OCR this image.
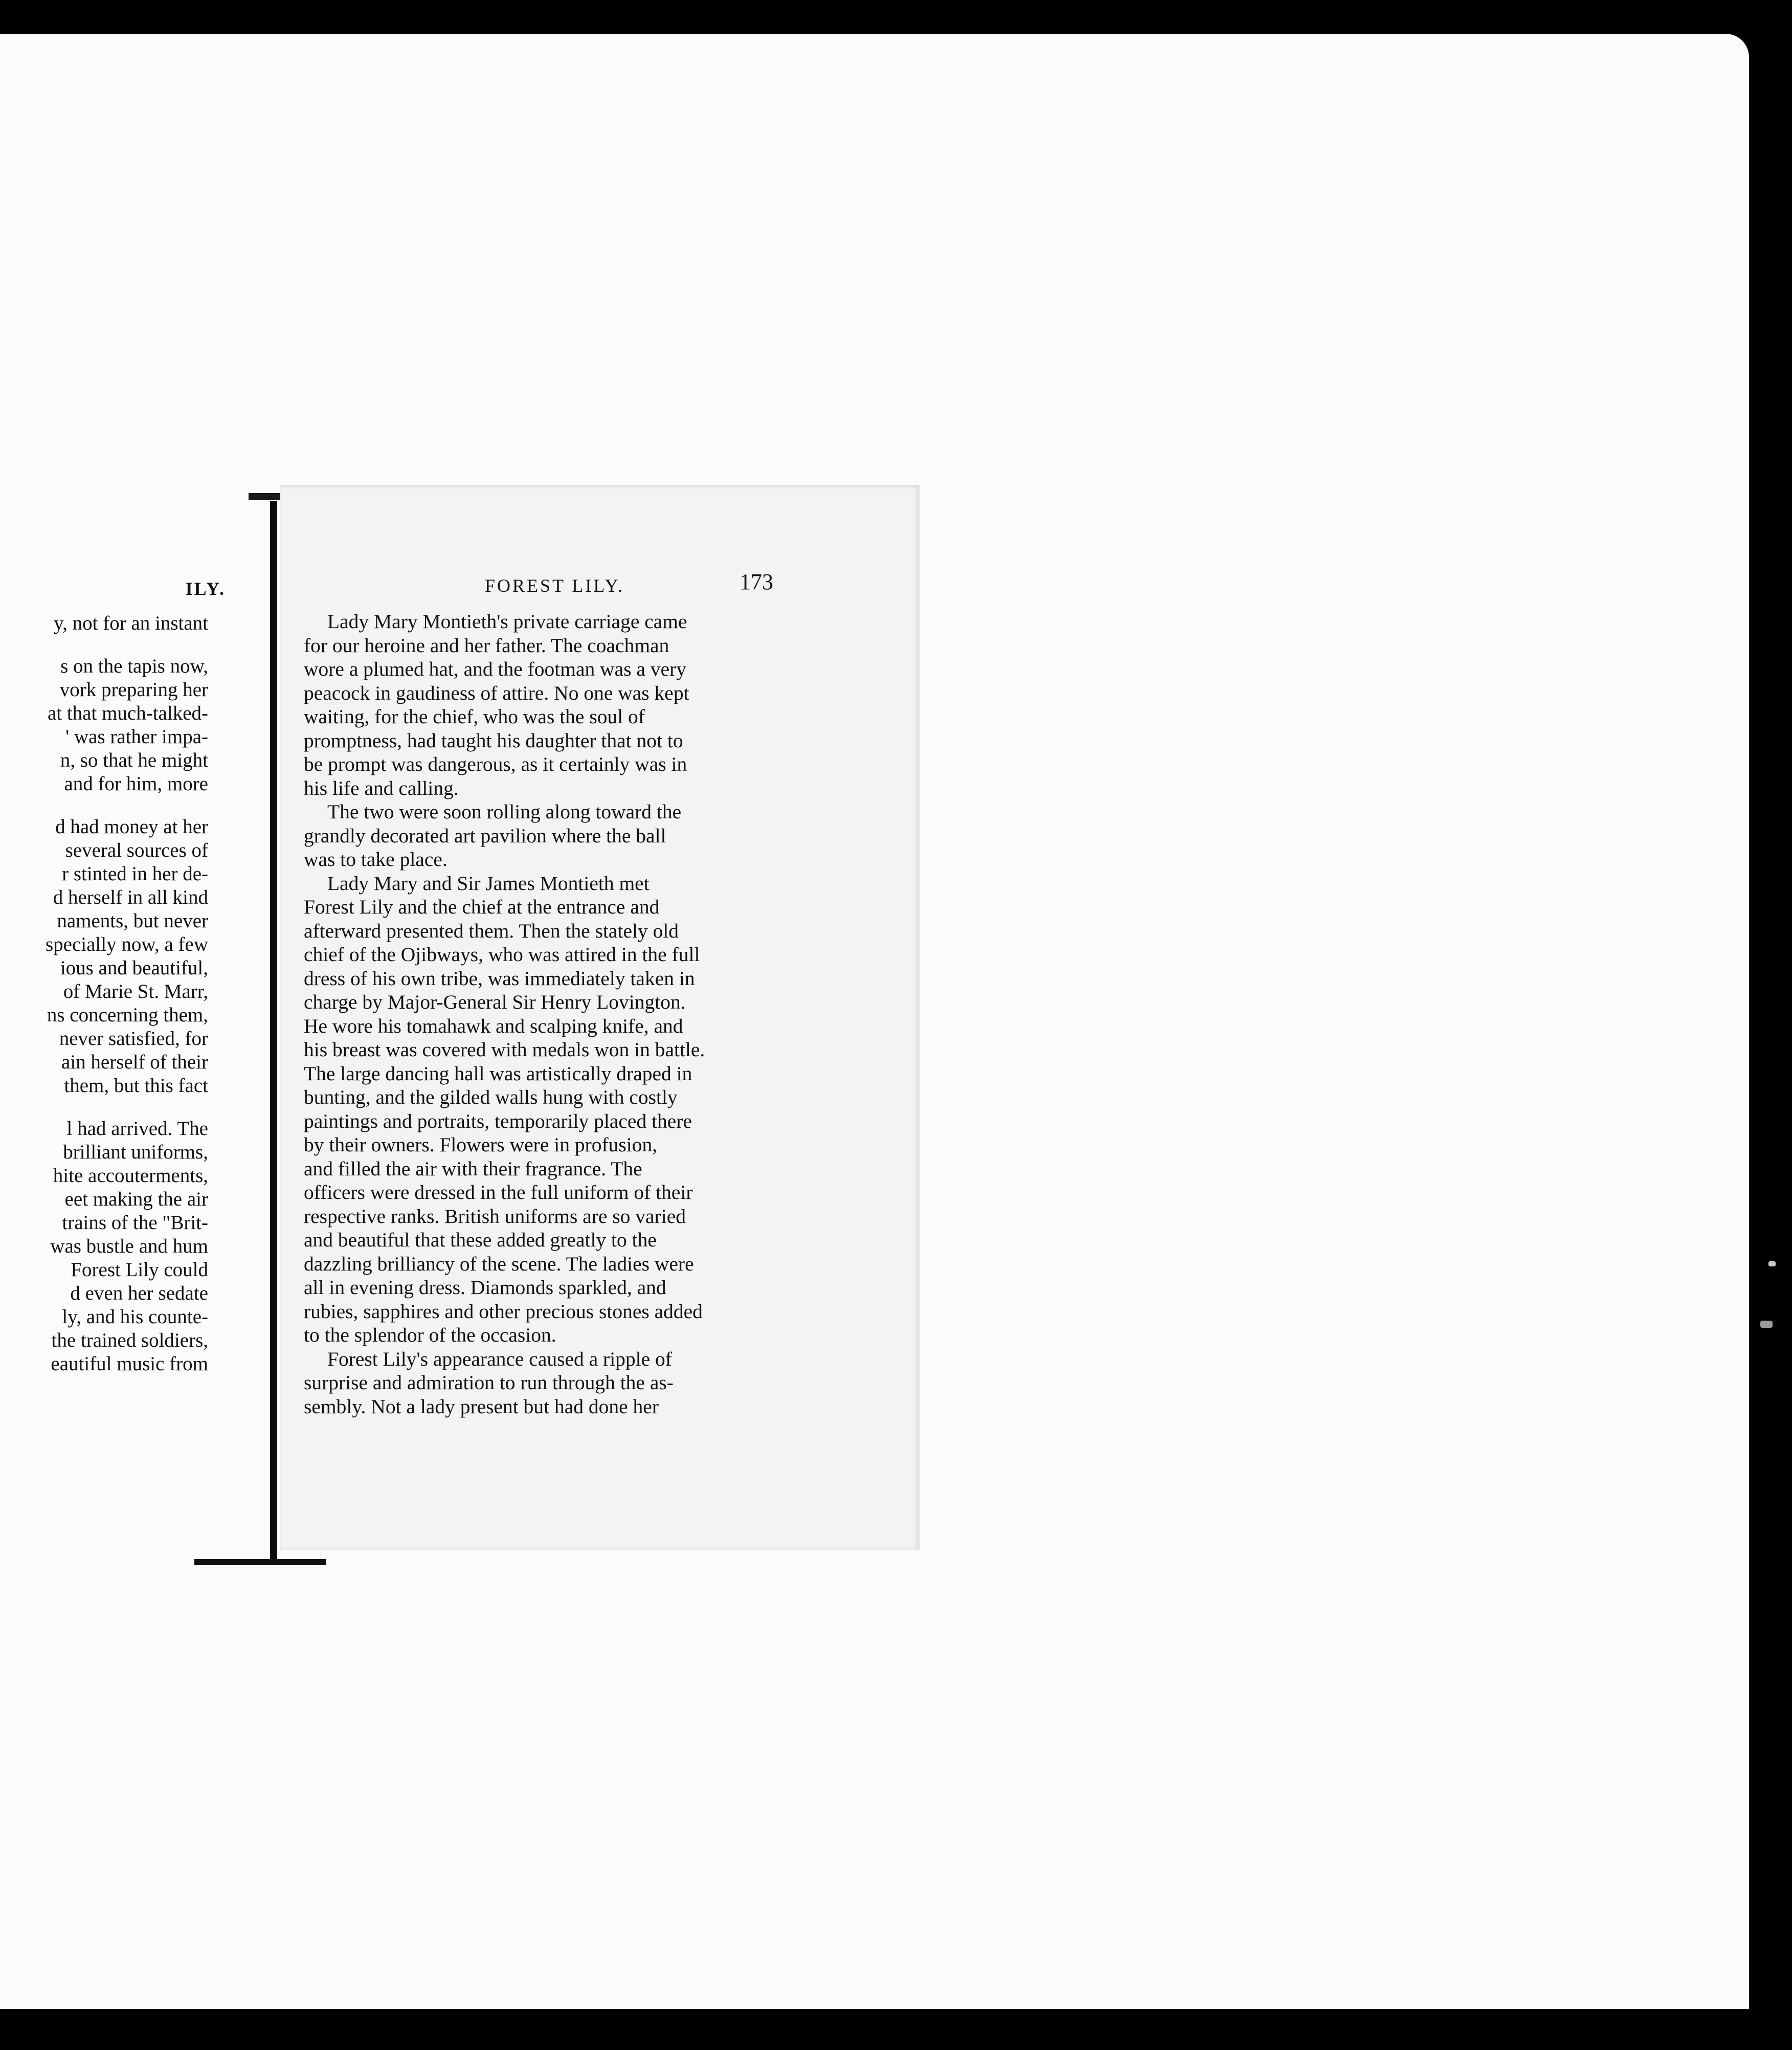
ILY.
y, not for an instant
s on the tapis now,
vork preparing her
at that much-talked-
' was rather impa-
n, so that he might
and for him, more
d had money at her
several sources of
r stinted in her de-
d herself in all kind
naments, but never
specially now, a few
ious and beautiful,
of Marie St. Marr,
ns concerning them,
never satisfied, for
ain herself of their
them, but this fact
l had arrived. The
brilliant uniforms,
hite accouterments,
eet making the air
trains of the "Brit-
was bustle and hum
Forest Lily could
d even her sedate
ly, and his counte-
the trained soldiers,
eautiful music from
FOREST LILY.	173
Lady Mary Montieth's private carriage came
for our heroine and her father. The coachman
wore a plumed hat, and the footman was a very
peacock in gaudiness of attire. No one was kept
waiting, for the chief, who was the soul of
promptness, had taught his daughter that not to
be prompt was dangerous, as it certainly was in
his life and calling.
The two were soon rolling along toward the
grandly decorated art pavilion where the ball
was to take place.
Lady Mary and Sir James Montieth met
Forest Lily and the chief at the entrance and
afterward presented them. Then the stately old
chief of the Ojibways, who was attired in the full
dress of his own tribe, was immediately taken in
charge by Major-General Sir Henry Lovington.
He wore his tomahawk and scalping knife, and
his breast was covered with medals won in battle.
The large dancing hall was artistically draped in
bunting, and the gilded walls hung with costly
paintings and portraits, temporarily placed there
by their owners. Flowers were in profusion,
and filled the air with their fragrance. The
officers were dressed in the full uniform of their
respective ranks. British uniforms are so varied
and beautiful that these added greatly to the
dazzling brilliancy of the scene. The ladies were
all in evening dress. Diamonds sparkled, and
rubies, sapphires and other precious stones added
to the splendor of the occasion.
Forest Lily's appearance caused a ripple of
surprise and admiration to run through the as-
sembly. Not a lady present but had done her
